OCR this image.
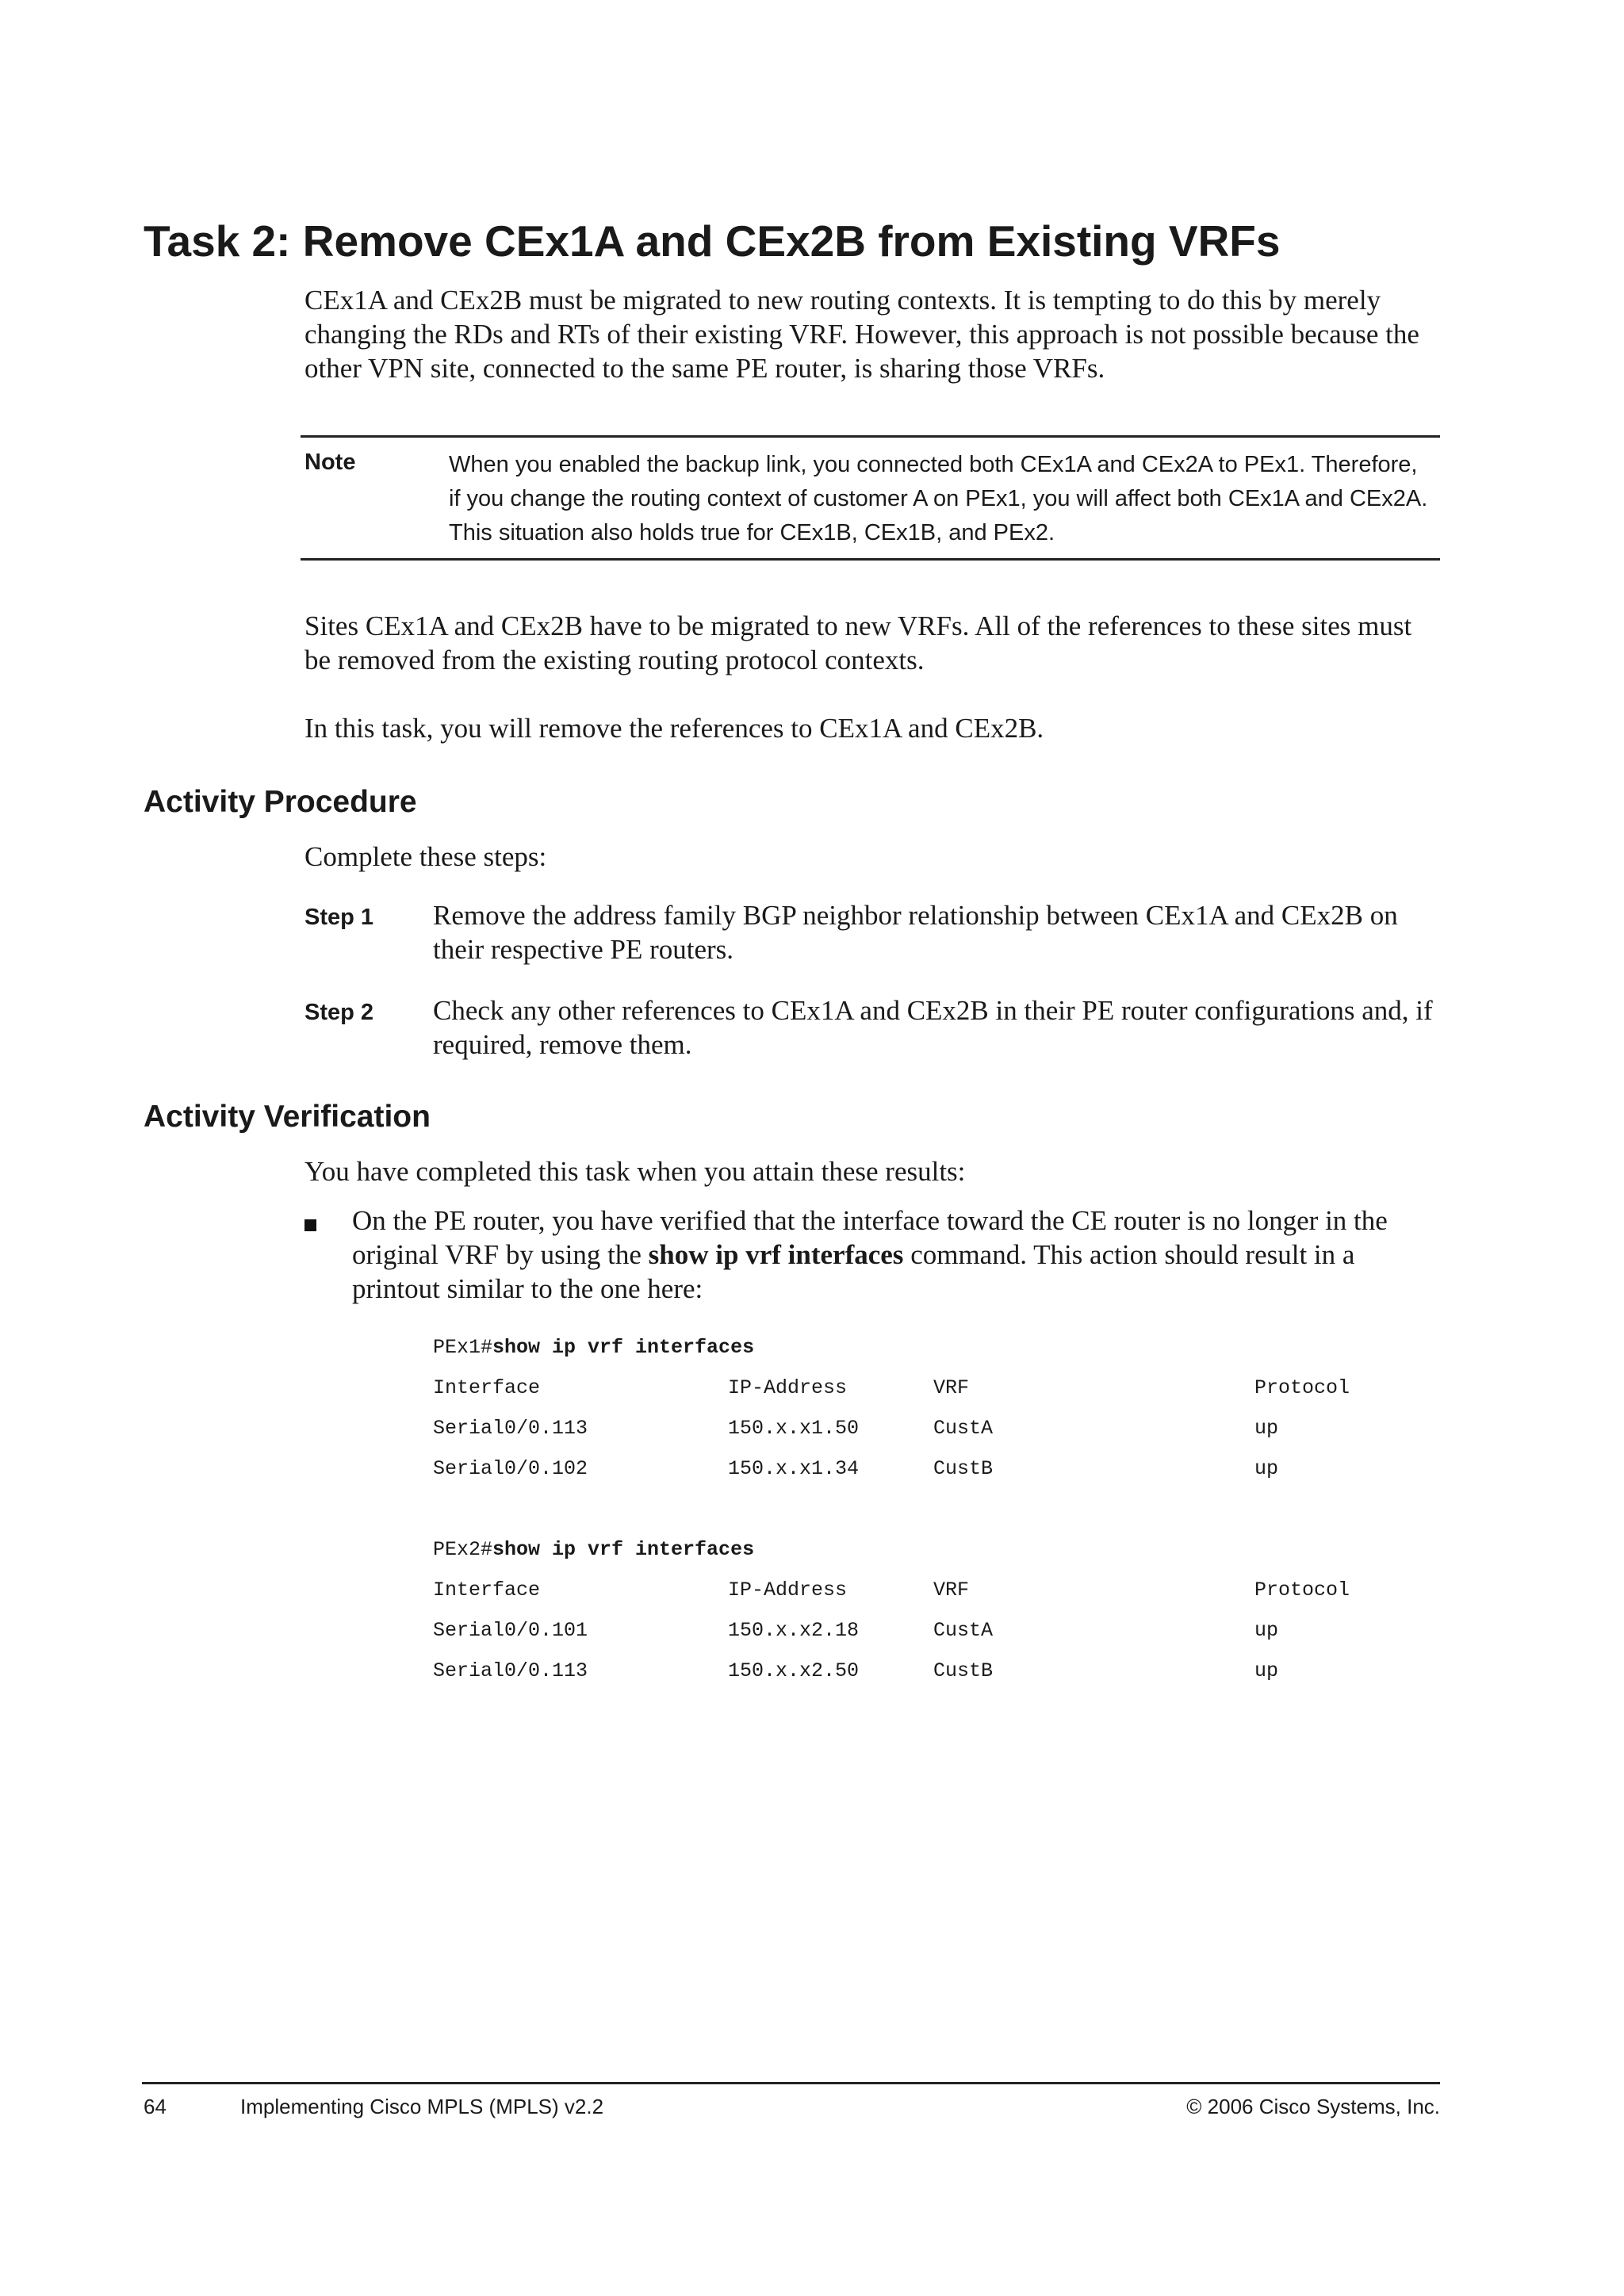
Task 2: Remove CEx1A and CEx2B from Existing VRFs
CEx1A and CEx2B must be migrated to new routing contexts. It is tempting to do this by merely changing the RDs and RTs of their existing VRF. However, this approach is not possible because the other VPN site, connected to the same PE router, is sharing those VRFs.
Note	When you enabled the backup link, you connected both CEx1A and CEx2A to PEx1. Therefore, if you change the routing context of customer A on PEx1, you will affect both CEx1A and CEx2A. This situation also holds true for CEx1B, CEx1B, and PEx2.
Sites CEx1A and CEx2B have to be migrated to new VRFs. All of the references to these sites must be removed from the existing routing protocol contexts.
In this task, you will remove the references to CEx1A and CEx2B.
Activity Procedure
Complete these steps:
Step 1 Remove the address family BGP neighbor relationship between CEx1A and CEx2B on their respective PE routers.
Step 2 Check any other references to CEx1A and CEx2B in their PE router configurations and, if required, remove them.
Activity Verification
You have completed this task when you attain these results:
On the PE router, you have verified that the interface toward the CE router is no longer in the original VRF by using the show ip vrf interfaces command. This action should result in a printout similar to the one here:
PEx1#show ip vrf interfaces
Interface	IP-Address	VRF	Protocol
Serial0/0.113	150.x.x1.50	CustA	up
Serial0/0.102	150.x.x1.34	CustB	up
PEx2#show ip vrf interfaces
Interface	IP-Address	VRF	Protocol
Serial0/0.101	150.x.x2.18	CustA	up
Serial0/0.113	150.x.x2.50	CustB	up
64	Implementing Cisco MPLS (MPLS) v2.2	© 2006 Cisco Systems, Inc.
